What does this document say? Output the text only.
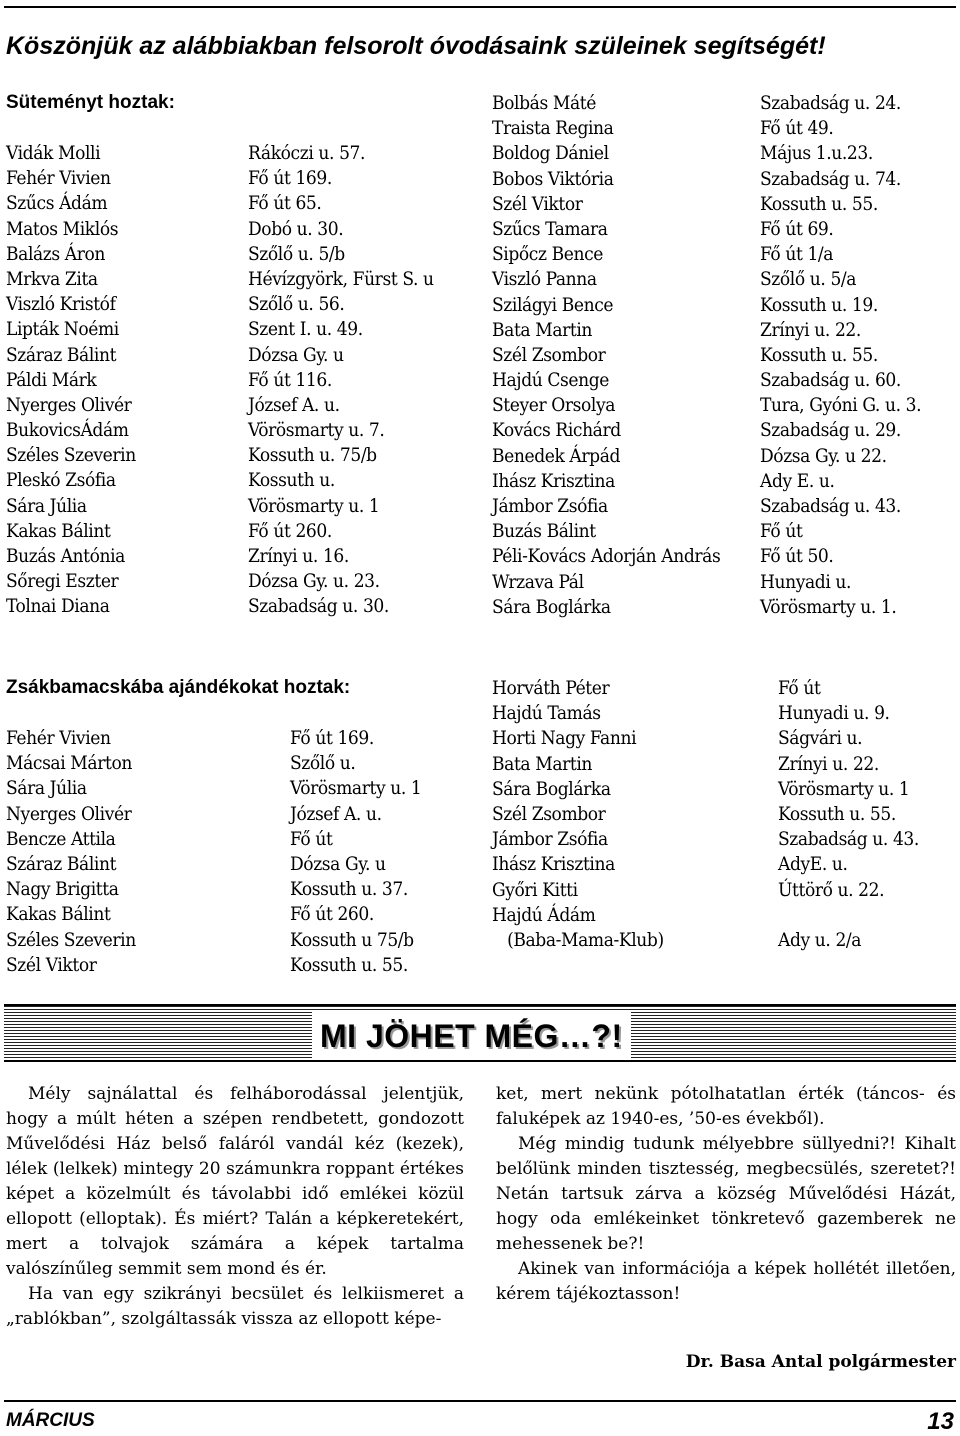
Köszönjük az alábbiakban felsorolt óvodásaink szüleinek segítségét!
Süteményt hoztak:
Vidák Molli	Rákóczi u. 57.
Fehér Vivien	Fő út 169.
Szűcs Ádám	Fő út 65.
Matos Miklós	Dobó u. 30.
Balázs Áron	Szőlő u. 5/b
Mrkva Zita	Hévízgyörk, Fürst S. u
Viszló Kristóf	Szőlő u. 56.
Lipták Noémi	Szent I. u. 49.
Száraz Bálint	Dózsa Gy. u
Páldi Márk	Fő út 116.
Nyerges Olivér	József A. u.
BukovicsÁdám	Vörösmarty u. 7.
Széles Szeverin	Kossuth u. 75/b
Pleskó Zsófia	Kossuth u.
Sára Júlia	Vörösmarty u. 1
Kakas Bálint	Fő út 260.
Buzás Antónia	Zrínyi u. 16.
Sőregi Eszter	Dózsa Gy. u. 23.
Tolnai Diana	Szabadság u. 30.
Bolbás Máté	Szabadság u. 24.
Traista Regina	Fő út 49.
Boldog Dániel	Május 1.u.23.
Bobos Viktória	Szabadság u. 74.
Szél Viktor	Kossuth u. 55.
Szűcs Tamara	Fő út 69.
Sipőcz Bence	Fő út 1/a
Viszló Panna	Szőlő u. 5/a
Szilágyi Bence	Kossuth u. 19.
Bata Martin	Zrínyi u. 22.
Szél Zsombor	Kossuth u. 55.
Hajdú Csenge	Szabadság u. 60.
Steyer Orsolya	Tura, Gyóni G. u. 3.
Kovács Richárd	Szabadság u. 29.
Benedek Árpád	Dózsa Gy. u 22.
Ihász Krisztina	Ady E. u.
Jámbor Zsófia	Szabadság u. 43.
Buzás Bálint	Fő út
Péli-Kovács Adorján András Fő út 50.
Wrzava Pál	Hunyadi u.
Sára Boglárka	Vörösmarty u. 1.
Zsákbamacskába ajándékokat hoztak:
Fehér Vivien	Fő út 169.
Mácsai Márton	Szőlő u.
Sára Júlia	Vörösmarty u. 1
Nyerges Olivér	József A. u.
Bencze Attila	Fő út
Száraz Bálint	Dózsa Gy. u
Nagy Brigitta	Kossuth u. 37.
Kakas Bálint	Fő út 260.
Széles Szeverin	Kossuth u 75/b
Szél Viktor	Kossuth u. 55.
Horváth Péter	Fő út
Hajdú Tamás	Hunyadi u. 9.
Horti Nagy Fanni	Ságvári u.
Bata Martin	Zrínyi u. 22.
Sára Boglárka	Vörösmarty u. 1
Szél Zsombor	Kossuth u. 55.
Jámbor Zsófia	Szabadság u. 43.
Ihász Krisztina	AdyE. u.
Győri Kitti	Úttörő u. 22.
Hajdú Ádám
(Baba-Mama-Klub)	Ady u. 2/a
MI JÖHET MÉG…?!

Mély sajnálattal és felháborodással jelentjük, hogy a múlt héten a szépen rendbetett, gondozott Művelődési Ház belső faláról vandál kéz (kezek), lélek (lelkek) mintegy 20 számunkra roppant értékes képet a közelmúlt és távolabbi idő emlékei közül ellopott (elloptak). És miért? Talán a képkeretekért, mert a tolvajok számára a képek tartalma valószínűleg semmit sem mond és ér.

Ha van egy szikrányi becsület és lelkiismeret a „rablókban”, szolgáltassák vissza az ellopott képe-

ket, mert nekünk pótolhatatlan érték (táncos- és faluképek az 1940-es, ’50-es évekből).

Még mindig tudunk mélyebbre süllyedni?! Kihalt belőlünk minden tisztesség, megbecsülés, szeretet?! Netán tartsuk zárva a község Művelődési Házát, hogy oda emlékeinket tönkretevő gazemberek ne mehessenek be?!

Akinek van információja a képek hollétét illetően, kérem tájékoztasson!

Dr. Basa Antal polgármester
MÁRCIUS	13
